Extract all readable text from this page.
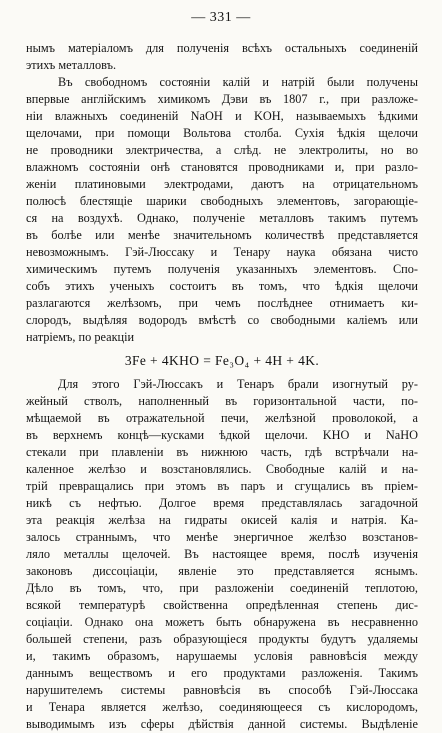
— 331 —
нымъ матеріаломъ для полученія всѣхъ остальныхъ соединеній
этихъ металловъ.
Въ свободномъ состояніи калій и натрій были получены
впервые англійскимъ химикомъ Дэви въ 1807 г., при разложе-
ніи влажныхъ соединеній NaOH и KOH, называемыхъ ѣдкими
щелочами, при помощи Вольтова столба. Сухія ѣдкія щелочи
не проводники электричества, а слѣд. не электролиты, но во
влажномъ состояніи онѣ становятся проводниками и, при разло-
женіи платиновыми электродами, даютъ на отрицательномъ
полюсѣ блестящіе шарики свободныхъ элементовъ, загорающіе-
ся на воздухѣ. Однако, полученіе металловъ такимъ путемъ
въ болѣе или менѣе значительномъ количествѣ представляется
невозможнымъ. Гэй-Люссаку и Тенару наука обязана чисто
химическимъ путемъ полученія указанныхъ элементовъ. Спо-
собъ этихъ ученыхъ состоитъ въ томъ, что ѣдкія щелочи
разлагаются желѣзомъ, при чемъ послѣднее отнимаетъ ки-
слородъ, выдѣляя водородъ вмѣстѣ со свободными каліемъ или
натріемъ, по реакціи
3Fe + 4KHO = Fe₃O₄ + 4H + 4K.
Для этого Гэй-Люссакъ и Тенаръ брали изогнутый ру-
жейный стволъ, наполненный въ горизонтальной части, по-
мѣщаемой въ отражательной печи, желѣзной проволокой, а
въ верхнемъ концѣ—кусками ѣдкой щелочи. KHO и NaHO
стекали при плавленіи въ нижнюю часть, гдѣ встрѣчали на-
каленное желѣзо и возстановлялись. Свободные калій и на-
трій превращались при этомъ въ паръ и сгущались въ пріем-
никѣ съ нефтью. Долгое время представлялась загадочной
эта реакція желѣза на гидраты окисей калія и натрія. Ка-
залось страннымъ, что менѣе энергичное желѣзо возстанов-
ляло металлы щелочей. Въ настоящее время, послѣ изученія
законовъ диссоціаціи, явленіе это представляется яснымъ.
Дѣло въ томъ, что, при разложеніи соединеній теплотою,
всякой температурѣ свойственна опредѣленная степень дис-
соціаціи. Однако она можетъ быть обнаружена въ несравненно
большей степени, разъ образующіеся продукты будутъ удаляемы
и, такимъ образомъ, нарушаемы условія равновѣсія между
даннымъ веществомъ и его продуктами разложенія. Такимъ
нарушителемъ системы равновѣсія въ способѣ Гэй-Люссака
и Тенара является желѣзо, соединяющееся съ кислородомъ,
выводимымъ изъ сферы дѣйствія данной системы. Выдѣленіе
